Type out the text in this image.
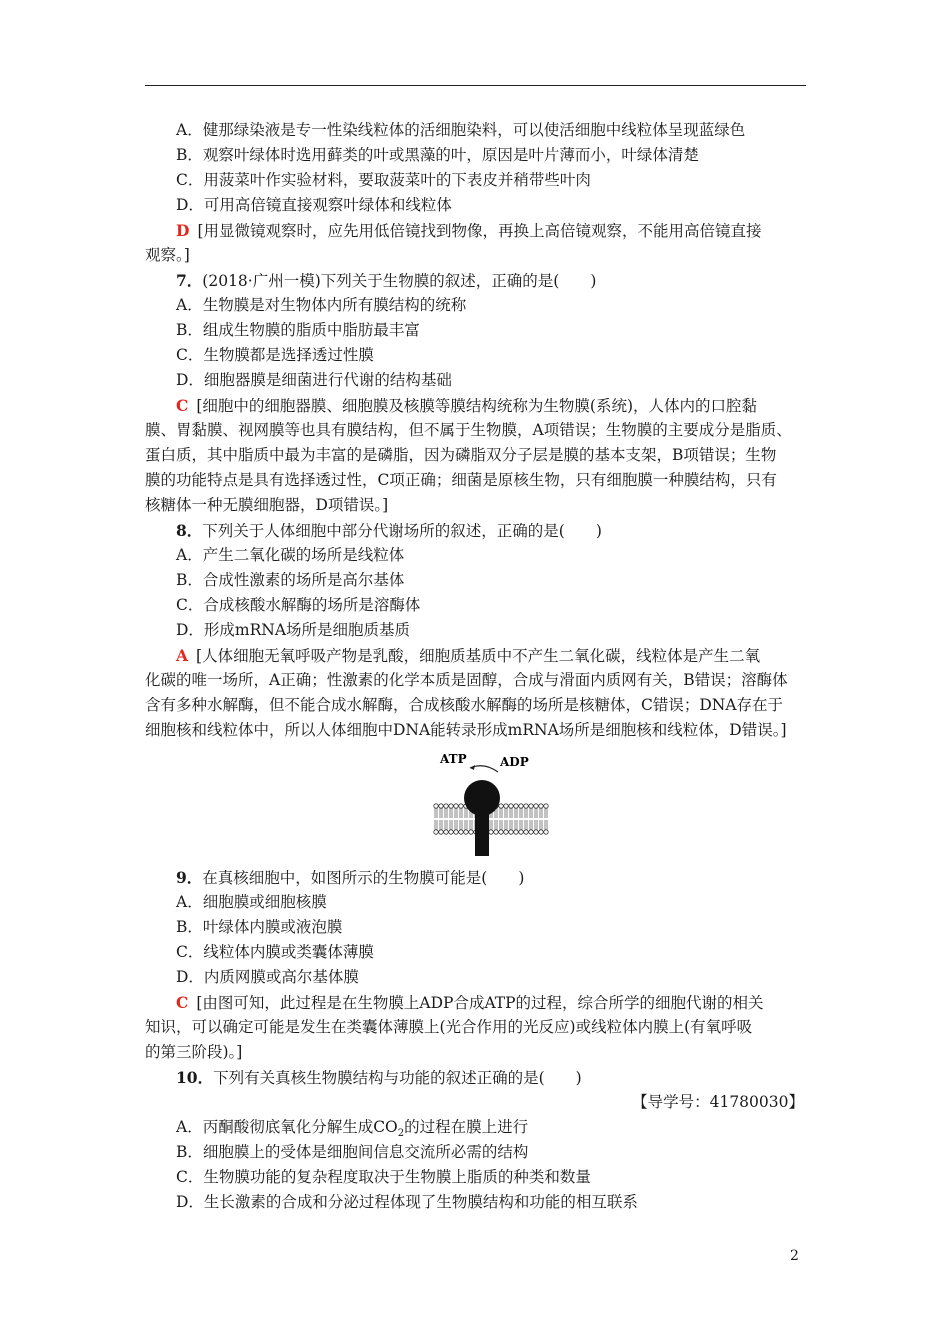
A．健那绿染液是专一性染线粒体的活细胞染料，可以使活细胞中线粒体呈现蓝绿色
B．观察叶绿体时选用藓类的叶或黑藻的叶，原因是叶片薄而小，叶绿体清楚
C．用菠菜叶作实验材料，要取菠菜叶的下表皮并稍带些叶肉
D．可用高倍镜直接观察叶绿体和线粒体
D [用显微镜观察时，应先用低倍镜找到物像，再换上高倍镜观察，不能用高倍镜直接
观察。]
7．(2018·广州一模)下列关于生物膜的叙述，正确的是(　　)
A．生物膜是对生物体内所有膜结构的统称
B．组成生物膜的脂质中脂肪最丰富
C．生物膜都是选择透过性膜
D．细胞器膜是细菌进行代谢的结构基础
C [细胞中的细胞器膜、细胞膜及核膜等膜结构统称为生物膜(系统)，人体内的口腔黏
膜、胃黏膜、视网膜等也具有膜结构，但不属于生物膜，A项错误；生物膜的主要成分是脂质、
蛋白质，其中脂质中最为丰富的是磷脂，因为磷脂双分子层是膜的基本支架，B项错误；生物
膜的功能特点是具有选择透过性，C项正确；细菌是原核生物，只有细胞膜一种膜结构，只有
核糖体一种无膜细胞器，D项错误。]
8．下列关于人体细胞中部分代谢场所的叙述，正确的是(　　)
A．产生二氧化碳的场所是线粒体
B．合成性激素的场所是高尔基体
C．合成核酸水解酶的场所是溶酶体
D．形成mRNA场所是细胞质基质
A [人体细胞无氧呼吸产物是乳酸，细胞质基质中不产生二氧化碳，线粒体是产生二氧
化碳的唯一场所，A正确；性激素的化学本质是固醇，合成与滑面内质网有关，B错误；溶酶体
含有多种水解酶，但不能合成水解酶，合成核酸水解酶的场所是核糖体，C错误；DNA存在于
细胞核和线粒体中，所以人体细胞中DNA能转录形成mRNA场所是细胞核和线粒体，D错误。]
ATP	ADP
9．在真核细胞中，如图所示的生物膜可能是(　　)
A．细胞膜或细胞核膜
B．叶绿体内膜或液泡膜
C．线粒体内膜或类囊体薄膜
D．内质网膜或高尔基体膜
C [由图可知，此过程是在生物膜上ADP合成ATP的过程，综合所学的细胞代谢的相关
知识，可以确定可能是发生在类囊体薄膜上(光合作用的光反应)或线粒体内膜上(有氧呼吸
的第三阶段)。]
10．下列有关真核生物膜结构与功能的叙述正确的是(　　)
【导学号：41780030】
A．丙酮酸彻底氧化分解生成$CO_2$的过程在膜上进行
B．细胞膜上的受体是细胞间信息交流所必需的结构
C．生物膜功能的复杂程度取决于生物膜上脂质的种类和数量
D．生长激素的合成和分泌过程体现了生物膜结构和功能的相互联系
2
